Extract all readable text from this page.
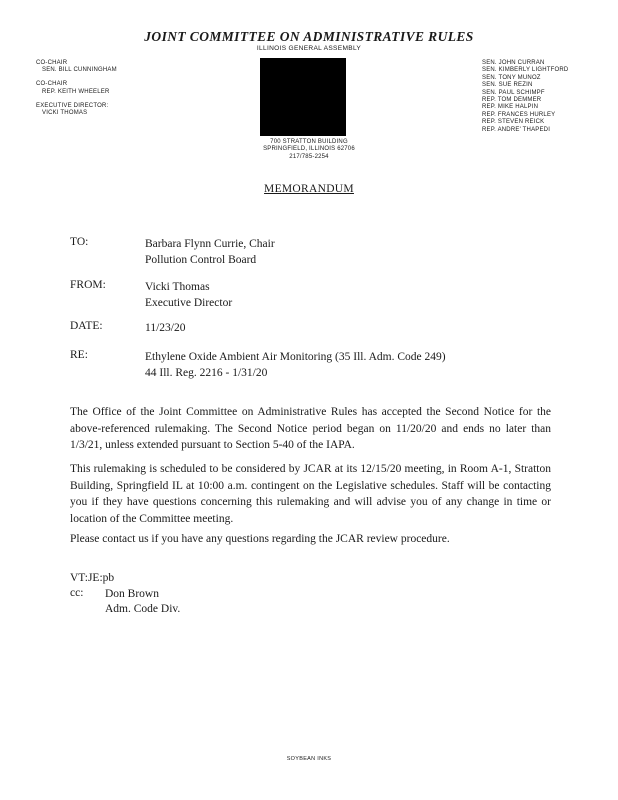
JOINT COMMITTEE ON ADMINISTRATIVE RULES
ILLINOIS GENERAL ASSEMBLY
CO-CHAIR
SEN. BILL CUNNINGHAM
CO-CHAIR
REP. KEITH WHEELER
EXECUTIVE DIRECTOR:
VICKI THOMAS
700 STRATTON BUILDING
SPRINGFIELD, ILLINOIS 62706
217/785-2254
SEN. JOHN CURRAN
SEN. KIMBERLY LIGHTFORD
SEN. TONY MUNOZ
SEN. SUE REZIN
SEN. PAUL SCHIMPF
REP. TOM DEMMER
REP. MIKE HALPIN
REP. FRANCES HURLEY
REP. STEVEN REICK
REP. ANDRE' THAPEDI
MEMORANDUM
TO:	Barbara Flynn Currie, Chair
Pollution Control Board
FROM:	Vicki Thomas
Executive Director
DATE:	11/23/20
RE:	Ethylene Oxide Ambient Air Monitoring (35 Ill. Adm. Code 249)
44 Ill. Reg. 2216 - 1/31/20
The Office of the Joint Committee on Administrative Rules has accepted the Second Notice for the above-referenced rulemaking. The Second Notice period began on 11/20/20 and ends no later than 1/3/21, unless extended pursuant to Section 5-40 of the IAPA.
This rulemaking is scheduled to be considered by JCAR at its 12/15/20 meeting, in Room A-1, Stratton Building, Springfield IL at 10:00 a.m. contingent on the Legislative schedules. Staff will be contacting you if they have questions concerning this rulemaking and will advise you of any change in time or location of the Committee meeting.
Please contact us if you have any questions regarding the JCAR review procedure.
VT:JE:pb
cc: Don Brown
Adm. Code Div.
SOYBEAN INKS
